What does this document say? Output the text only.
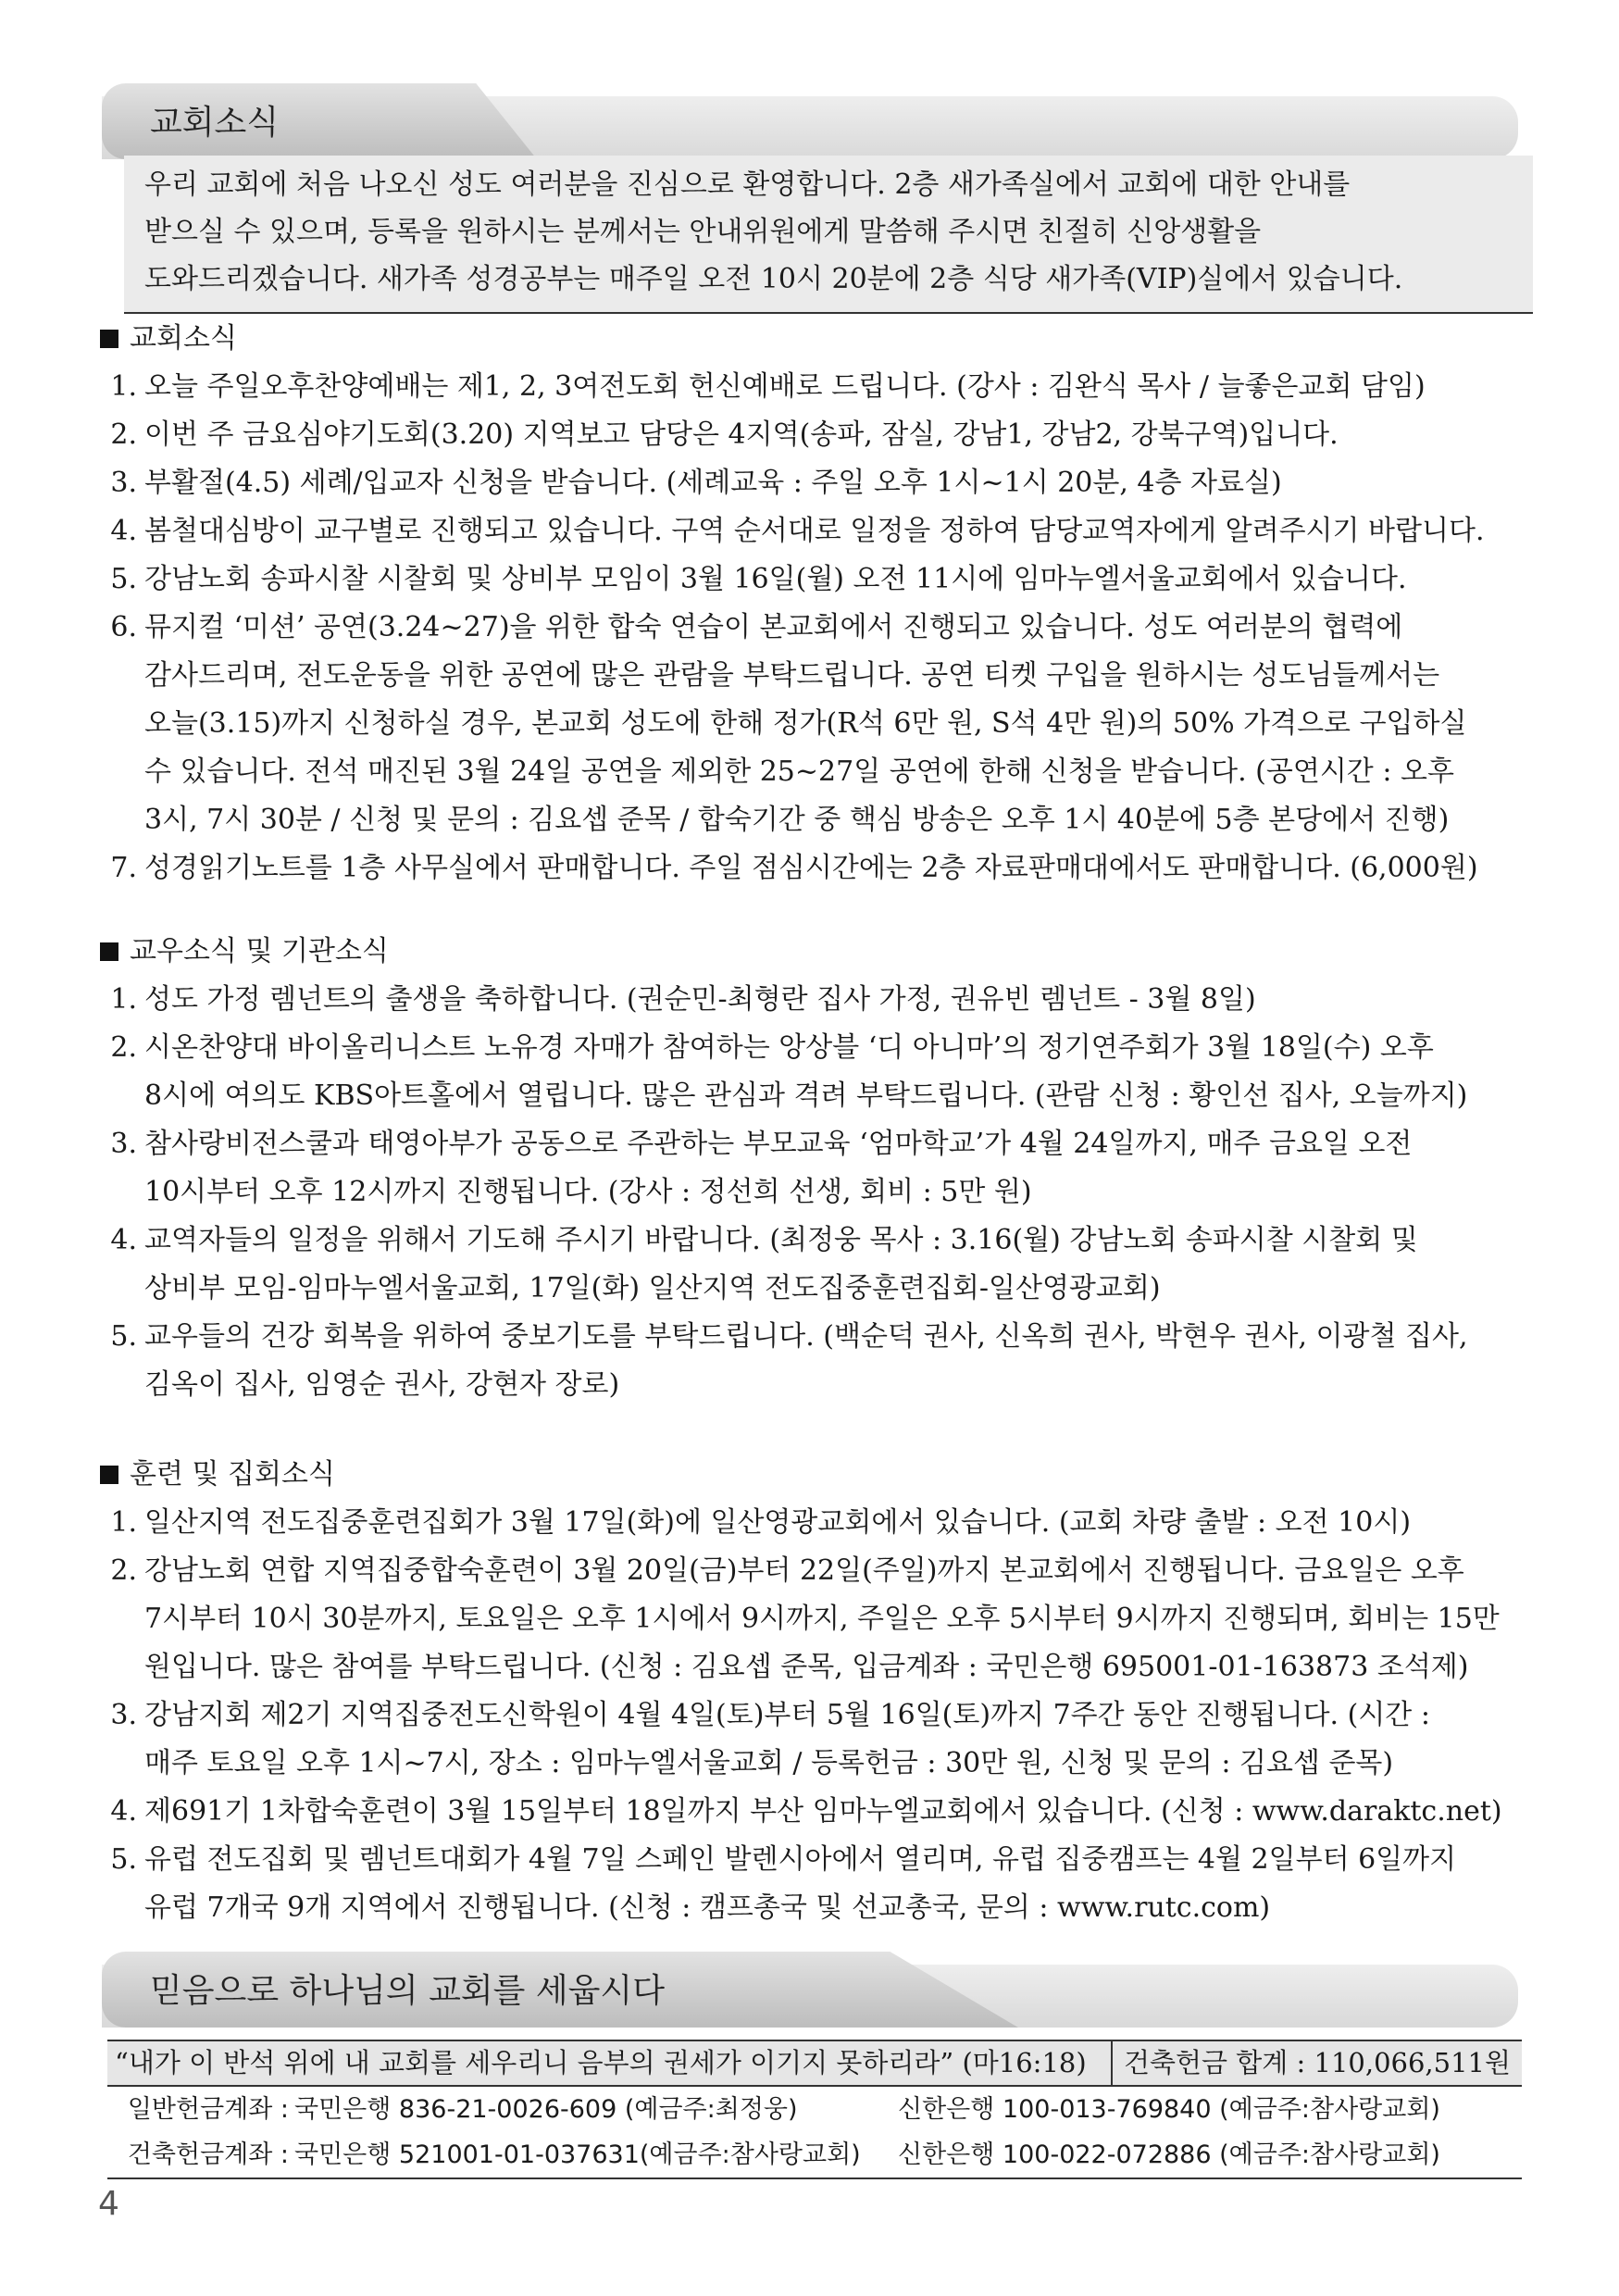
교회소식
우리 교회에 처음 나오신 성도 여러분을 진심으로 환영합니다. 2층 새가족실에서 교회에 대한 안내를
받으실 수 있으며, 등록을 원하시는 분께서는 안내위원에게 말씀해 주시면 친절히 신앙생활을
도와드리겠습니다. 새가족 성경공부는 매주일 오전 10시 20분에 2층 식당 새가족(VIP)실에서 있습니다.
교회소식
1. 오늘 주일오후찬양예배는 제1, 2, 3여전도회 헌신예배로 드립니다. (강사 : 김완식 목사 / 늘좋은교회 담임)
2. 이번 주 금요심야기도회(3.20) 지역보고 담당은 4지역(송파, 잠실, 강남1, 강남2, 강북구역)입니다.
3. 부활절(4.5) 세례/입교자 신청을 받습니다. (세례교육 : 주일 오후 1시~1시 20분, 4층 자료실)
4. 봄철대심방이 교구별로 진행되고 있습니다. 구역 순서대로 일정을 정하여 담당교역자에게 알려주시기 바랍니다.
5. 강남노회 송파시찰 시찰회 및 상비부 모임이 3월 16일(월) 오전 11시에 임마누엘서울교회에서 있습니다.
6. 뮤지컬 ‘미션’ 공연(3.24~27)을 위한 합숙 연습이 본교회에서 진행되고 있습니다. 성도 여러분의 협력에
감사드리며, 전도운동을 위한 공연에 많은 관람을 부탁드립니다. 공연 티켓 구입을 원하시는 성도님들께서는
오늘(3.15)까지 신청하실 경우, 본교회 성도에 한해 정가(R석 6만 원, S석 4만 원)의 50% 가격으로 구입하실
수 있습니다. 전석 매진된 3월 24일 공연을 제외한 25~27일 공연에 한해 신청을 받습니다. (공연시간 : 오후
3시, 7시 30분 / 신청 및 문의 : 김요셉 준목 / 합숙기간 중 핵심 방송은 오후 1시 40분에 5층 본당에서 진행)
7. 성경읽기노트를 1층 사무실에서 판매합니다. 주일 점심시간에는 2층 자료판매대에서도 판매합니다. (6,000원)
교우소식 및 기관소식
1. 성도 가정 렘넌트의 출생을 축하합니다. (권순민-최형란 집사 가정, 권유빈 렘넌트 - 3월 8일)
2. 시온찬양대 바이올리니스트 노유경 자매가 참여하는 앙상블 ‘디 아니마’의 정기연주회가 3월 18일(수) 오후
8시에 여의도 KBS아트홀에서 열립니다. 많은 관심과 격려 부탁드립니다. (관람 신청 : 황인선 집사, 오늘까지)
3. 참사랑비전스쿨과 태영아부가 공동으로 주관하는 부모교육 ‘엄마학교’가 4월 24일까지, 매주 금요일 오전
10시부터 오후 12시까지 진행됩니다. (강사 : 정선희 선생, 회비 : 5만 원)
4. 교역자들의 일정을 위해서 기도해 주시기 바랍니다. (최정웅 목사 : 3.16(월) 강남노회 송파시찰 시찰회 및
상비부 모임-임마누엘서울교회, 17일(화) 일산지역 전도집중훈련집회-일산영광교회)
5. 교우들의 건강 회복을 위하여 중보기도를 부탁드립니다. (백순덕 권사, 신옥희 권사, 박현우 권사, 이광철 집사,
김옥이 집사, 임영순 권사, 강현자 장로)
훈련 및 집회소식
1. 일산지역 전도집중훈련집회가 3월 17일(화)에 일산영광교회에서 있습니다. (교회 차량 출발 : 오전 10시)
2. 강남노회 연합 지역집중합숙훈련이 3월 20일(금)부터 22일(주일)까지 본교회에서 진행됩니다. 금요일은 오후
7시부터 10시 30분까지, 토요일은 오후 1시에서 9시까지, 주일은 오후 5시부터 9시까지 진행되며, 회비는 15만
원입니다. 많은 참여를 부탁드립니다. (신청 : 김요셉 준목, 입금계좌 : 국민은행 695001-01-163873 조석제)
3. 강남지회 제2기 지역집중전도신학원이 4월 4일(토)부터 5월 16일(토)까지 7주간 동안 진행됩니다. (시간 :
매주 토요일 오후 1시~7시, 장소 : 임마누엘서울교회 / 등록헌금 : 30만 원, 신청 및 문의 : 김요셉 준목)
4. 제691기 1차합숙훈련이 3월 15일부터 18일까지 부산 임마누엘교회에서 있습니다. (신청 : www.daraktc.net)
5. 유럽 전도집회 및 렘넌트대회가 4월 7일 스페인 발렌시아에서 열리며, 유럽 집중캠프는 4월 2일부터 6일까지
유럽 7개국 9개 지역에서 진행됩니다. (신청 : 캠프총국 및 선교총국, 문의 : www.rutc.com)
믿음으로 하나님의 교회를 세웁시다
“내가 이 반석 위에 내 교회를 세우리니 음부의 권세가 이기지 못하리라” (마16:18)	건축헌금 합계 : 110,066,511원
일반헌금계좌 : 국민은행 836-21-0026-609 (예금주:최정웅)	신한은행 100-013-769840 (예금주:참사랑교회)
건축헌금계좌 : 국민은행 521001-01-037631(예금주:참사랑교회)	신한은행 100-022-072886 (예금주:참사랑교회)
4
